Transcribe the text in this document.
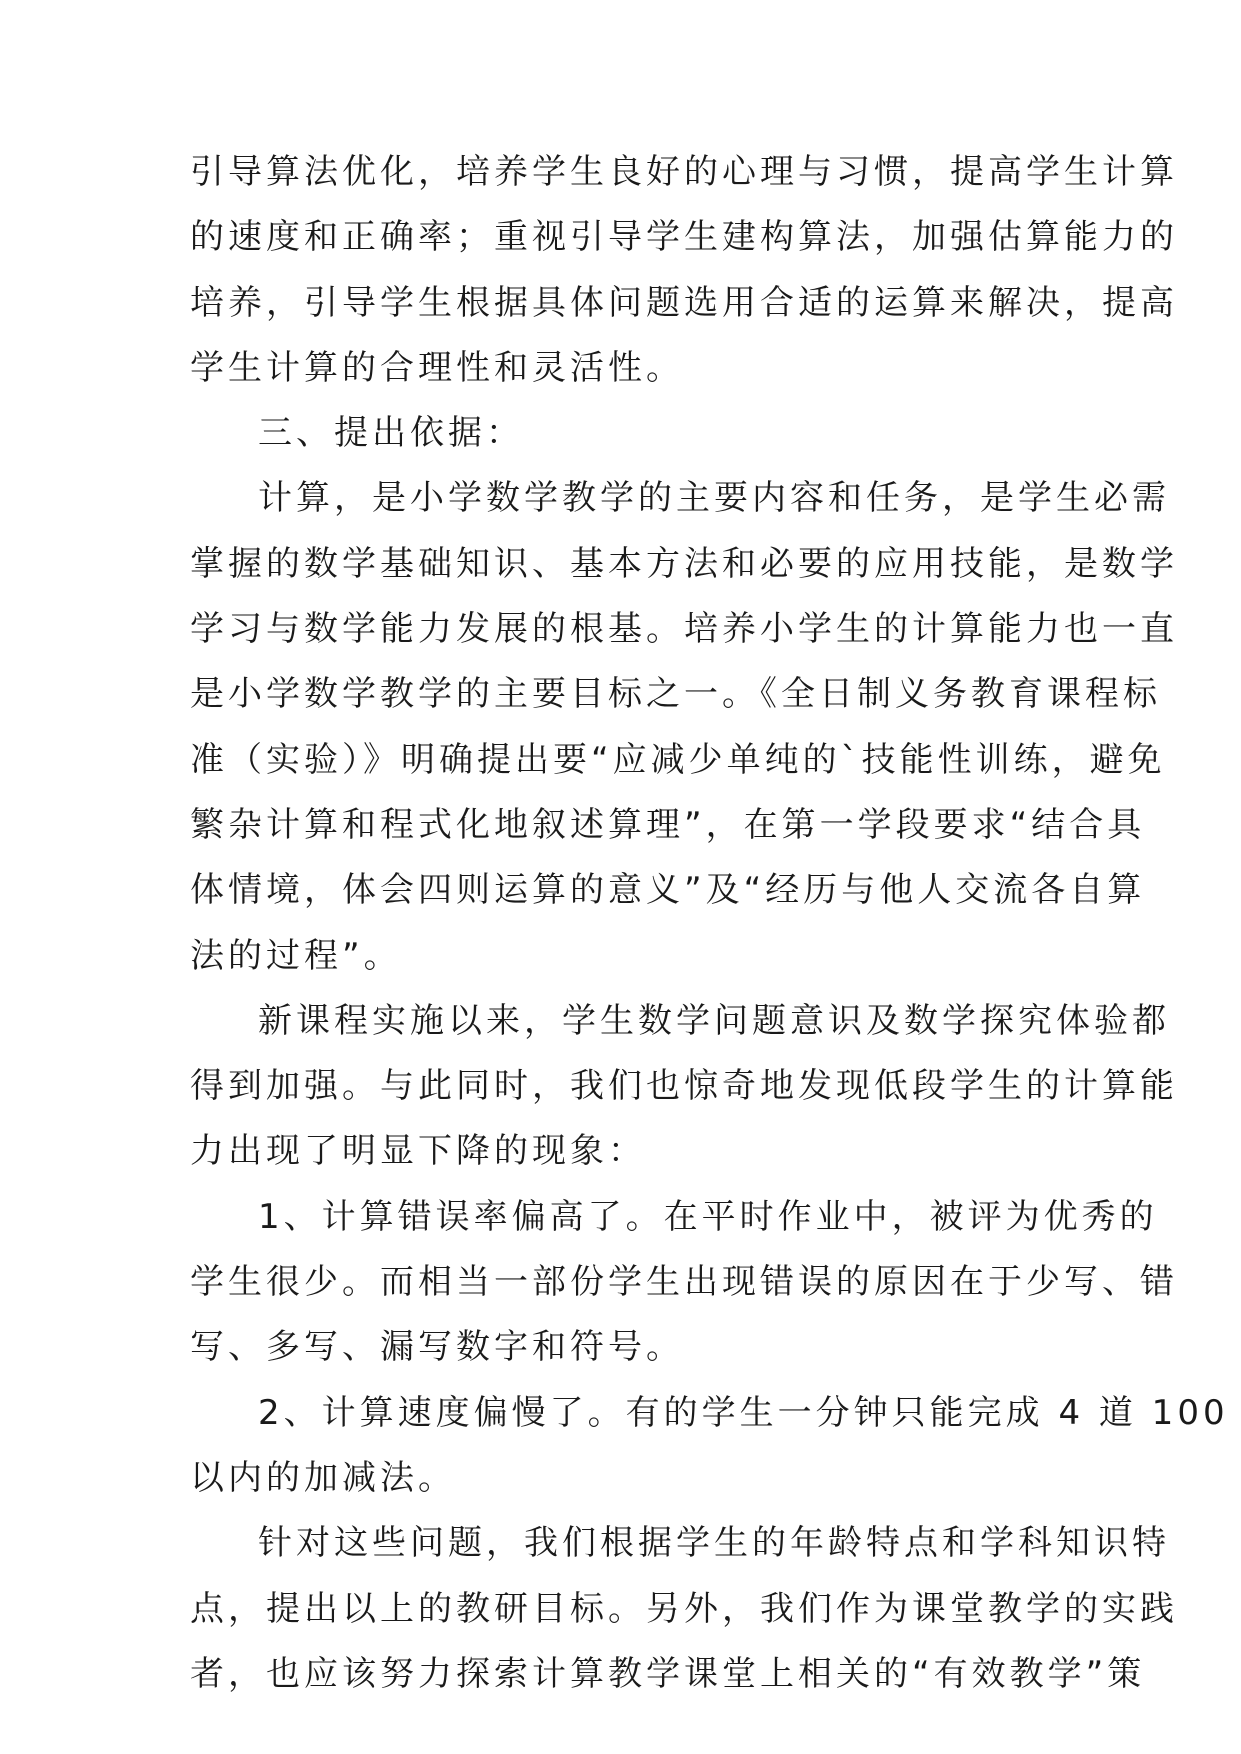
引导算法优化，培养学生良好的心理与习惯，提高学生计算
的速度和正确率；重视引导学生建构算法，加强估算能力的
培养，引导学生根据具体问题选用合适的运算来解决，提高
学生计算的合理性和灵活性。
三、提出依据：
计算，是小学数学教学的主要内容和任务，是学生必需
掌握的数学基础知识、基本方法和必要的应用技能，是数学
学习与数学能力发展的根基。培养小学生的计算能力也一直
是小学数学教学的主要目标之一。《全日制义务教育课程标
准（实验）》明确提出要“应减少单纯的`技能性训练，避免
繁杂计算和程式化地叙述算理”，在第一学段要求“结合具
体情境，体会四则运算的意义”及“经历与他人交流各自算
法的过程”。
新课程实施以来，学生数学问题意识及数学探究体验都
得到加强。与此同时，我们也惊奇地发现低段学生的计算能
力出现了明显下降的现象：
1、计算错误率偏高了。在平时作业中，被评为优秀的
学生很少。而相当一部份学生出现错误的原因在于少写、错
写、多写、漏写数字和符号。
2、计算速度偏慢了。有的学生一分钟只能完成 4 道 100
以内的加减法。
针对这些问题，我们根据学生的年龄特点和学科知识特
点，提出以上的教研目标。另外，我们作为课堂教学的实践
者，也应该努力探索计算教学课堂上相关的“有效教学”策
